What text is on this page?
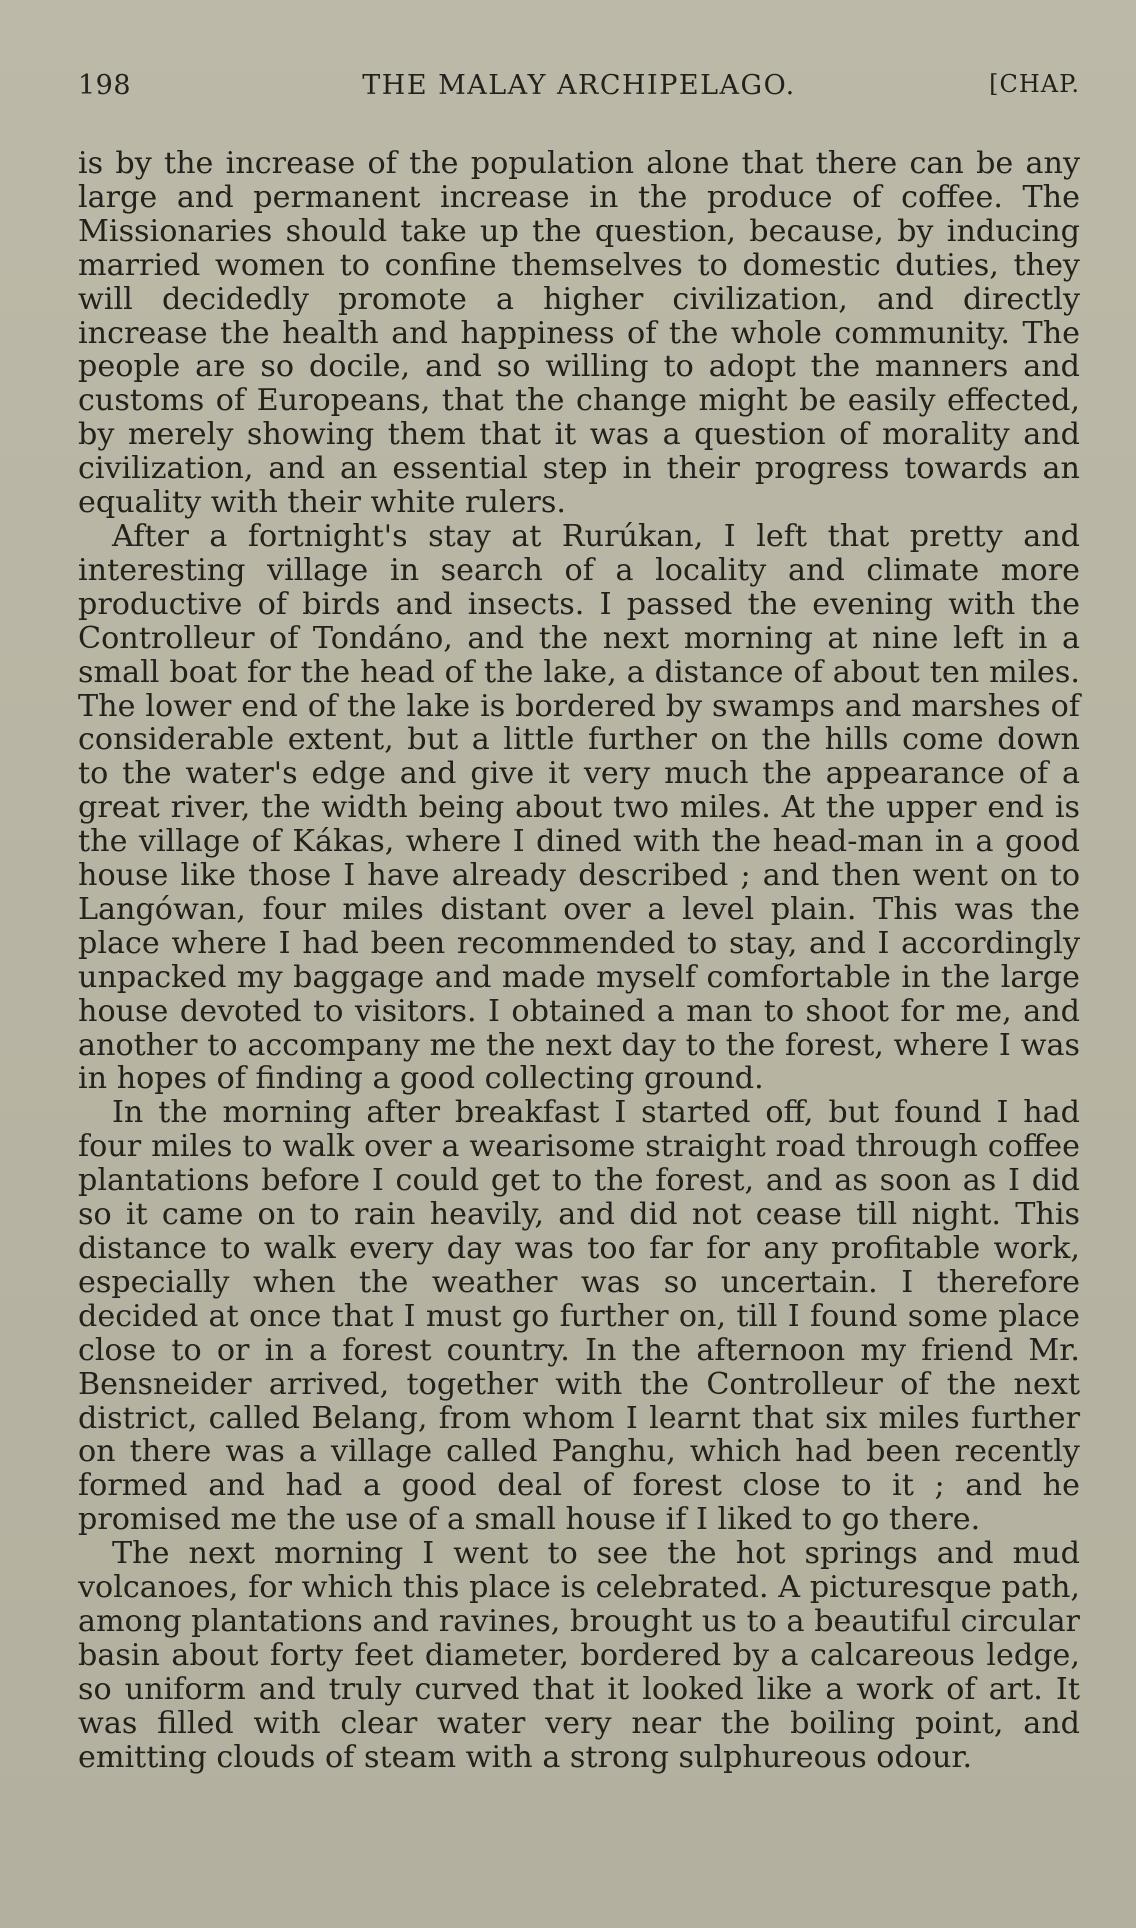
198	THE MALAY ARCHIPELAGO.	[CHAP.

is by the increase of the population alone that there can be any large and permanent increase in the produce of coffee. The Missionaries should take up the question, because, by inducing married women to confine themselves to domestic duties, they will decidedly promote a higher civilization, and directly increase the health and happiness of the whole community. The people are so docile, and so willing to adopt the manners and customs of Europeans, that the change might be easily effected, by merely showing them that it was a question of morality and civilization, and an essential step in their progress towards an equality with their white rulers.

After a fortnight's stay at Rurúkan, I left that pretty and interesting village in search of a locality and climate more productive of birds and insects. I passed the evening with the Controlleur of Tondáno, and the next morning at nine left in a small boat for the head of the lake, a distance of about ten miles. The lower end of the lake is bordered by swamps and marshes of considerable extent, but a little further on the hills come down to the water's edge and give it very much the appearance of a great river, the width being about two miles. At the upper end is the village of Kákas, where I dined with the head-man in a good house like those I have already described ; and then went on to Langówan, four miles distant over a level plain. This was the place where I had been recommended to stay, and I accordingly unpacked my baggage and made myself comfortable in the large house devoted to visitors. I obtained a man to shoot for me, and another to accompany me the next day to the forest, where I was in hopes of finding a good collecting ground.

In the morning after breakfast I started off, but found I had four miles to walk over a wearisome straight road through coffee plantations before I could get to the forest, and as soon as I did so it came on to rain heavily, and did not cease till night. This distance to walk every day was too far for any profitable work, especially when the weather was so uncertain. I therefore decided at once that I must go further on, till I found some place close to or in a forest country. In the afternoon my friend Mr. Bensneider arrived, together with the Controlleur of the next district, called Belang, from whom I learnt that six miles further on there was a village called Panghu, which had been recently formed and had a good deal of forest close to it ; and he promised me the use of a small house if I liked to go there.

The next morning I went to see the hot springs and mud volcanoes, for which this place is celebrated. A picturesque path, among plantations and ravines, brought us to a beautiful circular basin about forty feet diameter, bordered by a calcareous ledge, so uniform and truly curved that it looked like a work of art. It was filled with clear water very near the boiling point, and emitting clouds of steam with a strong sulphureous odour.
